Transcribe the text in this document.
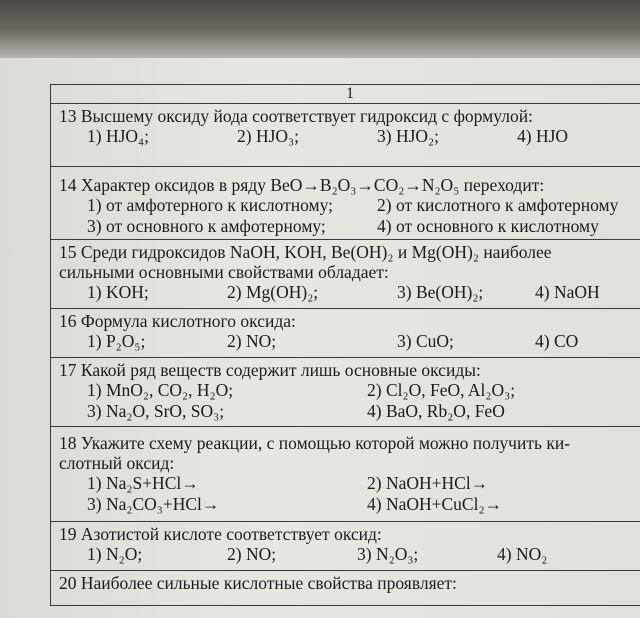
1

13 Высшему оксиду йода соответствует гидроксид с формулой:
1) HJO₄;	2) HJO₃;	3) HJO₂;	4) HJO

14 Характер оксидов в ряду BeO→B₂O₃→CO₂→N₂O₅ переходит:
1) от амфотерного к кислотному;	2) от кислотного к амфотерному
3) от основного к амфотерному;	4) от основного к кислотному

15 Среди гидроксидов NaOH, KOH, Be(OH)₂ и Mg(OH)₂ наиболее
сильными основными свойствами обладает:
1) KOH;	2) Mg(OH)₂;	3) Be(OH)₂;	4) NaOH

16 Формула кислотного оксида:
1) P₂O₅;	2) NO;	3) CuO;	4) CO

17 Какой ряд веществ содержит лишь основные оксиды:
1) MnO₂, CO₂, H₂O;	2) Cl₂O, FeO, Al₂O₃;
3) Na₂O, SrO, SO₃;	4) BaO, Rb₂O, FeO

18 Укажите схему реакции, с помощью которой можно получить ки-
слотный оксид:
1) Na₂S+HCl→	2) NaOH+HCl→
3) Na₂CO₃+HCl→	4) NaOH+CuCl₂→

19 Азотистой кислоте соответствует оксид:
1) N₂O;	2) NO;	3) N₂O₃;	4) NO₂

20 Наиболее сильные кислотные свойства проявляет:
